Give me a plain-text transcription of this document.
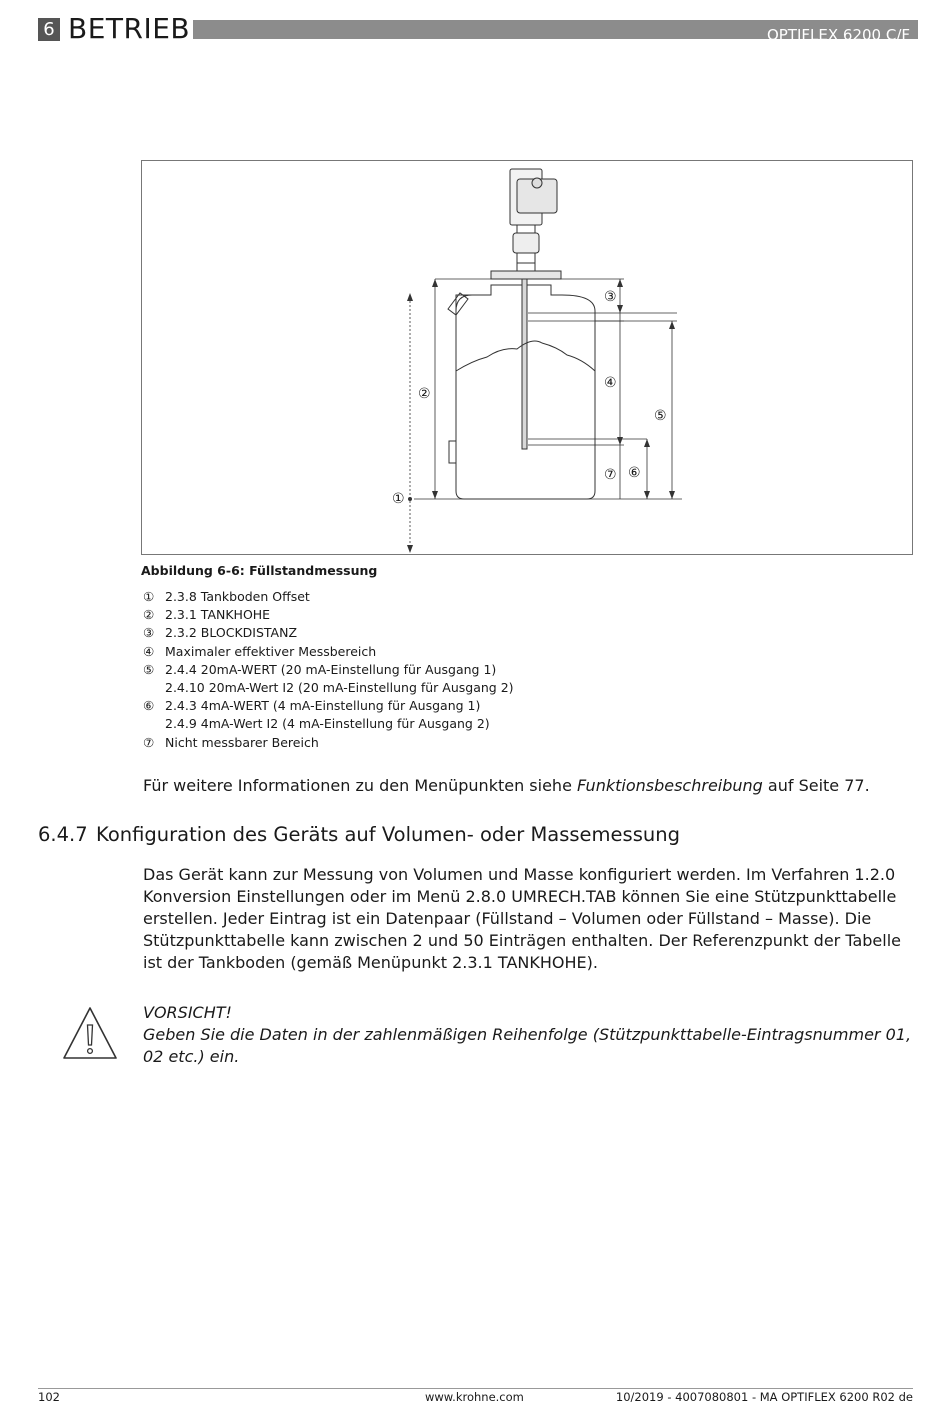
6 BETRIEB	OPTIFLEX 6200 C/F
①
②
③
④
⑤
⑦ ⑥
Abbildung 6-6: Füllstandmessung
① 2.3.8 Tankboden Offset
② 2.3.1 TANKHOHE
③ 2.3.2 BLOCKDISTANZ
④ Maximaler effektiver Messbereich
⑤ 2.4.4 20mA-WERT (20 mA-Einstellung für Ausgang 1)
2.4.10 20mA-Wert I2 (20 mA-Einstellung für Ausgang 2)
⑥ 2.4.3 4mA-WERT (4 mA-Einstellung für Ausgang 1)
2.4.9 4mA-Wert I2 (4 mA-Einstellung für Ausgang 2)
⑦ Nicht messbarer Bereich
Für weitere Informationen zu den Menüpunkten siehe Funktionsbeschreibung auf Seite 77.
6.4.7 Konfiguration des Geräts auf Volumen- oder Massemessung
Das Gerät kann zur Messung von Volumen und Masse konfiguriert werden. Im Verfahren 1.2.0 Konversion Einstellungen oder im Menü 2.8.0 UMRECH.TAB können Sie eine Stützpunkttabelle erstellen. Jeder Eintrag ist ein Datenpaar (Füllstand – Volumen oder Füllstand – Masse). Die Stützpunkttabelle kann zwischen 2 und 50 Einträgen enthalten. Der Referenzpunkt der Tabelle ist der Tankboden (gemäß Menüpunkt 2.3.1 TANKHOHE).
VORSICHT!
Geben Sie die Daten in der zahlenmäßigen Reihenfolge (Stützpunkttabelle-Eintragsnummer 01, 02 etc.) ein.
102	www.krohne.com	10/2019 - 4007080801 - MA OPTIFLEX 6200 R02 de
